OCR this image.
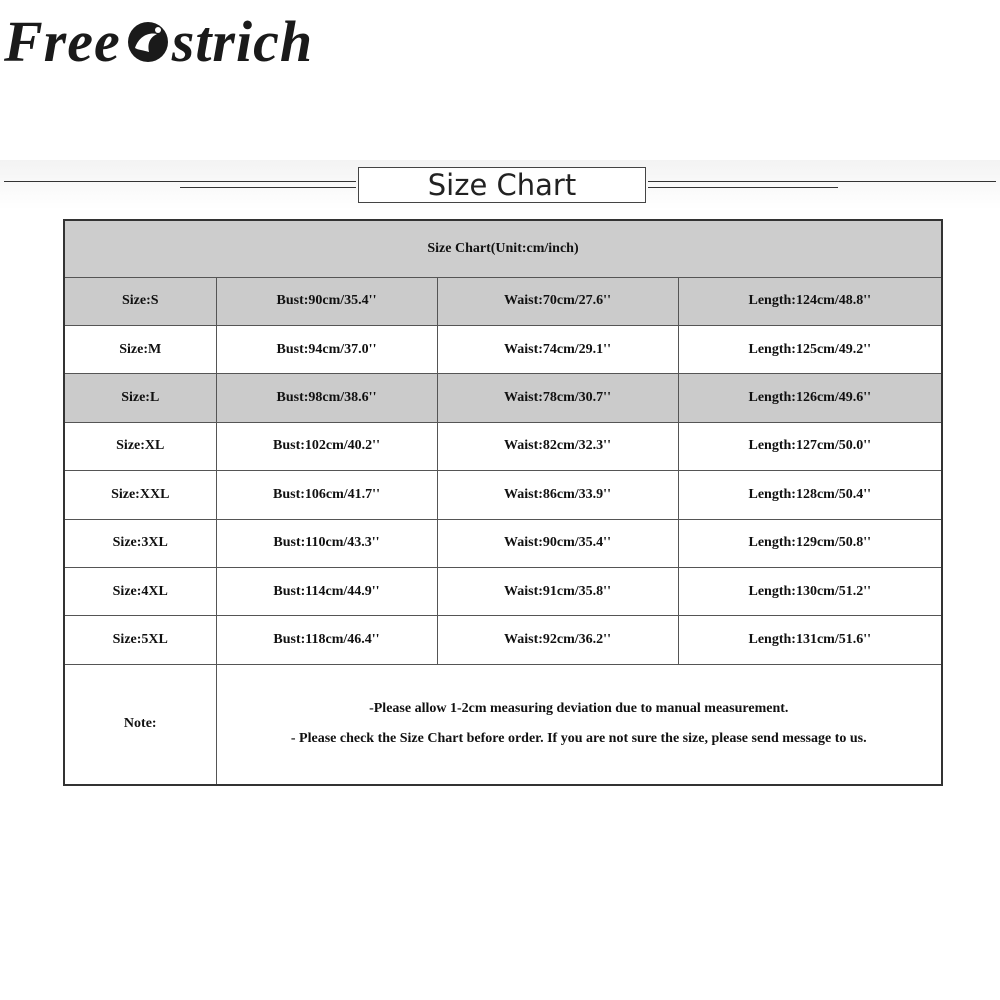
Free strich
Size Chart
Size Chart(Unit:cm/inch)			
Size:S	Bust:90cm/35.4''	Waist:70cm/27.6''	Length:124cm/48.8''
Size:M	Bust:94cm/37.0''	Waist:74cm/29.1''	Length:125cm/49.2''
Size:L	Bust:98cm/38.6''	Waist:78cm/30.7''	Length:126cm/49.6''
Size:XL	Bust:102cm/40.2''	Waist:82cm/32.3''	Length:127cm/50.0''
Size:XXL	Bust:106cm/41.7''	Waist:86cm/33.9''	Length:128cm/50.4''
Size:3XL	Bust:110cm/43.3''	Waist:90cm/35.4''	Length:129cm/50.8''
Size:4XL	Bust:114cm/44.9''	Waist:91cm/35.8''	Length:130cm/51.2''
Size:5XL	Bust:118cm/46.4''	Waist:92cm/36.2''	Length:131cm/51.6''
Note:	-Please allow 1-2cm measuring deviation due to manual measurement.
- Please check the Size Chart before order. If you are not sure the size, please send message to us.		
